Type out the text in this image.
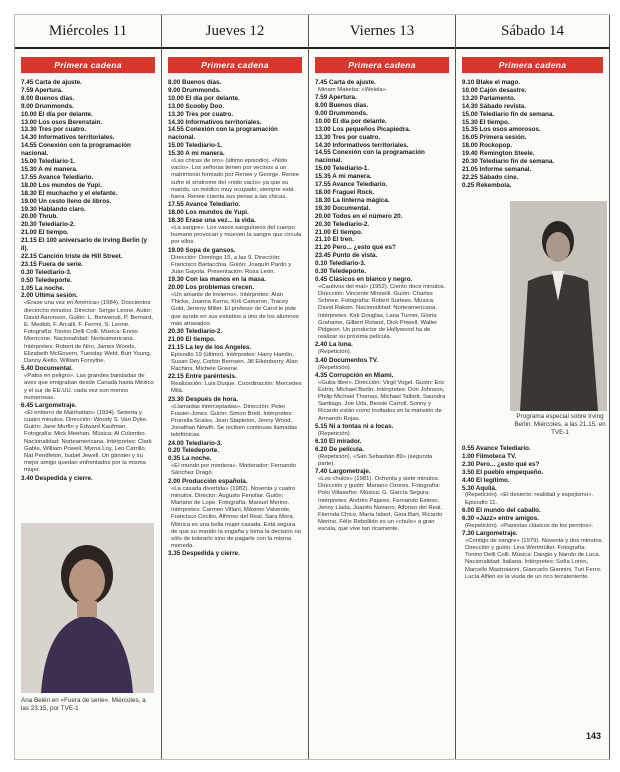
Miércoles 11
Primera cadena
7.45 Carta de ajuste.
7.59 Apertura.
8.00 Buenos días.
9.00 Drummonds.
10.00 El día por delante.
13.00 Los osos Berenstain.
13.30 Tres por cuatro.
14.30 Informativos territoriales.
14.55 Conexión con la programación nacional.
15.00 Telediario-1.
15.30 A mi manera.
17.55 Avance Telediario.
18.00 Los mundos de Yupi.
18.30 El muchacho y el elefante.
19.00 Un cesto lleno de libros.
19.30 Hablando claro.
20.00 Thrub.
20.30 Telediario-2.
21.00 El tiempo.
21.15 El 100 aniversario de Irving Berlin (y II).
22.15 Canción triste de Hill Street.
23.15 Fuera de serie.
0.30 Telediario-3.
0.50 Teledeporte.
1.05 La noche.
2.00 Ultima sesión.
«Erase una vez en América» (1984). Doscientos dieciocho minutos. Director: Sergio Leone. Autor: David Aaronson. Guión: L. Benvenuti, P. Bernard, E. Medioli, F. Arcalli, F. Ferrini, S. Leone. Fotografía: Tonino Delli Colli. Música: Ennio Morricone. Nacionalidad: Norteamericana. Intérpretes: Robert de Niro, James Woods, Elizabeth McGovern, Tuesday Weld, Burt Young, Danny Aiello, William Forsythe.
5.40 Documental.
«Patos en peligro». Las grandes bandadas de aves que emigraban desde Canadá hasta México y el sur de EE.UU. cada vez son menos numerosas.
6.45 Largometraje.
«El entierro de Manhattan» (1934). Setenta y cuatro minutos. Dirección: Woody S. Van Dyke. Guión: Jane Murfin y Edward Kaufman. Fotografía: Mick Meehan. Música: Al Colombo. Nacionalidad: Norteamericana. Intérpretes: Clark Gable, William Powell, Myrna Loy, Leo Carrillo, Nat Pendleton, Isabel Jewell. Un gánster y su mejor amigo quedan enfrentados por la misma mujer.
3.40 Despedida y cierre.
Ana Belén en «Fuera de serie». Miércoles, a las 23.15, por TVE-1
Jueves 12
Primera cadena
8.00 Buenos días.
9.00 Drummonds.
10.00 El día por delante.
13.00 Scooby Doo.
13.30 Tres por cuatro.
14.30 Informativos territoriales.
14.55 Conexión con la programación nacional.
15.00 Telediario-1.
15.30 A mi manera.
«Las chicas de oro» (último episodio). «Nido vacío». Los señoras tienen por vecinos a un matrimonio formado por Renee y George. Renee sufre el síndrome del «nido vacío» ya que su marido, un médico muy ocupado, siempre está fuera. Renee cuenta sus penas a las chicas.
17.55 Avance Telediario.
18.00 Los mundos de Yupi.
18.30 Erase una vez... la vida.
«La sangre». Los vasos sanguíneos del cuerpo humano provocan y mueven la sangre que circula por ellos.
19.00 Sopa de gansos.
Dirección: Domingo 15, a las 9. Dirección: Francisco Bartacchia. Guión: Joaquín Pardo y Juan Gayola. Presentación: Rosa León.
19.30 Con las manos en la masa.
20.00 Los problemas crecen.
«Un amante de invierno». Intérpretes: Alan Thicke, Joanna Kerns, Kirk Cameron, Tracey Gold, Jeremy Miller. El profesor de Carol le pide que ayude en sus estudios a uno de los alumnos más atrasados.
20.30 Telediario-2.
21.00 El tiempo.
21.15 La ley de los Angeles.
Episodio 19 (último). Intérpretes: Harry Hamlin, Susan Dey, Corbin Bernsen, Jill Eikenberry, Alan Rachins, Michele Greene.
22.15 Entre paréntesis.
Realización: Luis Duque. Coordinación: Mercedes Milá.
23.30 Después de hora.
«Llamadas interceptadas». Dirección: Peter Frasier-Jones. Guión: Simon Brett. Intérpretes: Prunella Scales, Jean Stapleton, Jenny Wood, Jonathan Newth. Se reciben continuas llamadas telefónicas.
24.00 Telediario-3.
0.20 Teledeporte.
0.35 La noche.
«El mundo por montera». Moderador: Fernando Sánchez Dragó.
2.00 Producción española.
«La casada divertida» (1982). Noventa y cuatro minutos. Director: Augusto Fenollar. Guión: Mariano de Lope. Fotografía: Manuel Merino. Intérpretes: Carmen Villani, Máximo Valverde, Francisco Cecilio, Alfonso del Real, Sara Mora. Mónica es una bella mujer casada. Está segura de que su marido la engaña y toma la decisión no sólo de tolerarlo sino de pagarle con la misma moneda.
3.35 Despedida y cierre.
Viernes 13
Primera cadena
7.45 Carta de ajuste.
Miriam Makeba: «Welela».
7.59 Apertura.
8.00 Buenos días.
9.00 Drummonds.
10.00 El día por delante.
13.00 Los pequeños Picapiedra.
13.30 Tres por cuatro.
14.30 Informativos territoriales.
14.55 Conexión con la programación nacional.
15.00 Telediario-1.
15.35 A mi manera.
17.55 Avance Telediario.
18.00 Fraguel Rock.
18.30 La linterna mágica.
19.30 Documental.
20.00 Todos en el número 20.
20.30 Telediario-2.
21.00 El tiempo.
21.10 El tren.
21.20 Pero... ¿esto qué es?
23.45 Punto de vista.
0.10 Telediario-3.
0.30 Teledeporte.
0.45 Clásicos en blanco y negro.
«Cautivos del mal» (1952). Ciento doce minutos. Dirección: Vincente Minnelli. Guión: Charles Schnee. Fotografía: Robert Surtees. Música: David Raksin. Nacionalidad: Norteamericana. Intérpretes: Kirk Douglas, Lana Turner, Gloria Grahame, Gilbert Roland, Dick Powell, Walter Pidgeon. Un productor de Hollywood ha de realizar su próxima película.
2.40 La luna.
(Repetición).
3.40 Documentos TV.
(Repetición).
4.35 Corrupción en Miami.
«Guba libre». Dirección: Virgil Vogel. Guión: Eric Estrin, Michael Berlin. Intérpretes: Don Johnson, Philip Michael Thomas, Michael Talbott, Saundra Santiago, Joe Urla, Bessie Carroll. Sonny y Ricardo están como invitados en la mansión de Armando Rojas.
5.15 Ni a tontas ni a locas.
(Repetición).
6.10 El mirador.
6.20 De película.
(Repetición). «San Sebastián 89» (segunda parte).
7.40 Largometraje.
«Los chulos» (1981). Ochenta y siete minutos. Dirección y guión: Mariano Ozores. Fotografía: Polo Villaseñor. Música: G. García Segura. Intérpretes: Andrés Pajares, Fernando Esteso, Jenny Llada, Juanito Navarro, Alfonso del Real, Florinda Chico, María Isbert, Gina Bart, Ricardo Merino. Félix Rebollido es un «chulo» a gran escala, que vive tan ricamente.
Sábado 14
Primera cadena
9.10 Blake el mago.
10.00 Cajón desastre.
13.20 Parlamento.
14.30 Sábado revista.
15.00 Telediario fin de semana.
15.30 El tiempo.
15.35 Los osos amorosos.
16.05 Primera sesión.
18.00 Rockopop.
19.40 Remington Steele.
20.30 Telediario fin de semana.
21.05 Informe semanal.
22.25 Sábado cine.
0.25 Rekembola.
Programa especial sobre Irving Berlin. Miércoles, a las 21.15, en TVE-1
0.55 Avance Telediario.
1.00 Filmoteca TV.
2.30 Pero... ¿esto qué es?
3.50 El pueblo empequeño.
4.40 El legítimo.
5.30 Aquilá.
(Repetición). «El desierto: realidad y espejismo». Episodio 11.
6.00 El mundo del caballo.
6.30 «Jazz» entre amigos.
(Repetición). «Pianistas clásicos de los perritos».
7.30 Largometraje.
«Contigo de sangre» (1979). Noventa y dos minutos. Dirección y guión: Lina Wertmüller. Fotografía: Tonino Delli Colli. Música: Dangio y Nando de Luca. Nacionalidad: Italiana. Intérpretes: Sofía Loren, Marcello Mastroianni, Giancarlo Giannini, Turi Ferro. Lucía Alfieri es la viuda de un rico terrateniente.
143
